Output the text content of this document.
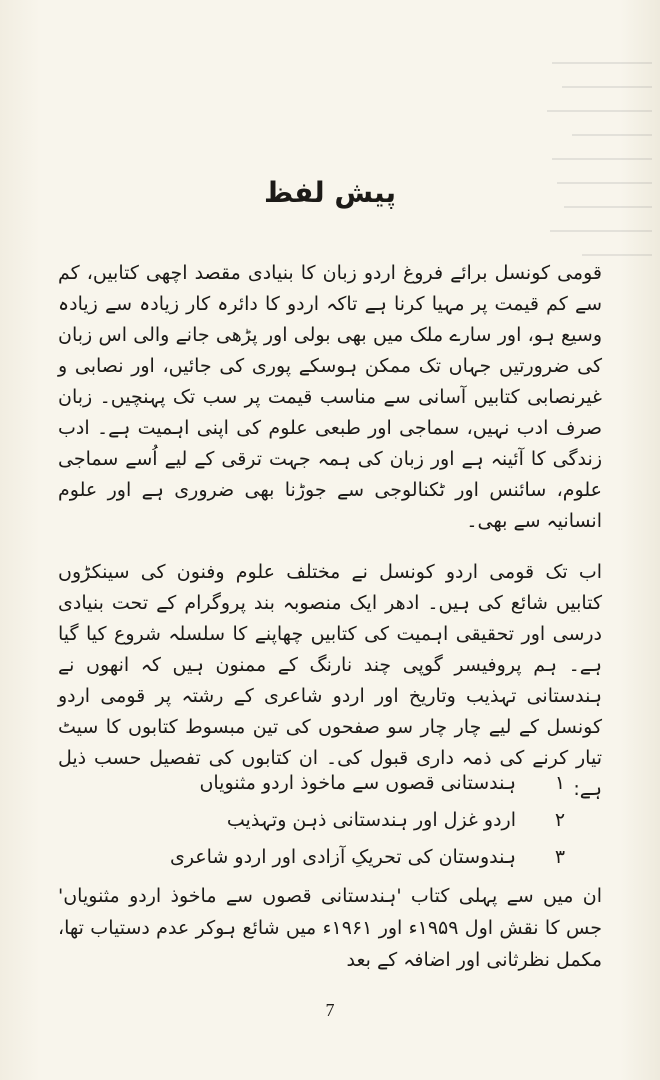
پیش لفظ

قومی کونسل برائے فروغ اردو زبان کا بنیادی مقصد اچھی کتابیں، کم سے کم قیمت پر مہیا کرنا ہے تاکہ اردو کا دائرہ کار زیادہ سے زیادہ وسیع ہو، اور سارے ملک میں بھی بولی اور پڑھی جانے والی اس زبان کی ضرورتیں جہاں تک ممکن ہوسکے پوری کی جائیں، اور نصابی و غیرنصابی کتابیں آسانی سے مناسب قیمت پر سب تک پہنچیں۔ زبان صرف ادب نہیں، سماجی اور طبعی علوم کی اپنی اہمیت ہے۔ ادب زندگی کا آئینہ ہے اور زبان کی ہمہ جہت ترقی کے لیے اُسے سماجی علوم، سائنس اور ٹکنالوجی سے جوڑنا بھی ضروری ہے اور علوم انسانیہ سے بھی۔

اب تک قومی اردو کونسل نے مختلف علوم وفنون کی سینکڑوں کتابیں شائع کی ہیں۔ ادھر ایک منصوبہ بند پروگرام کے تحت بنیادی درسی اور تحقیقی اہمیت کی کتابیں چھاپنے کا سلسلہ شروع کیا گیا ہے۔ ہم پروفیسر گوپی چند نارنگ کے ممنون ہیں کہ انھوں نے ہندستانی تہذیب وتاریخ اور اردو شاعری کے رشتہ پر قومی اردو کونسل کے لیے چار چار سو صفحوں کی تین مبسوط کتابوں کا سیٹ تیار کرنے کی ذمہ داری قبول کی۔ ان کتابوں کی تفصیل حسب ذیل ہے:

۱
ہندستانی قصوں سے ماخوذ اردو مثنویاں
۲
اردو غزل اور ہندستانی ذہن وتہذیب
۳
ہندوستان کی تحریکِ آزادی اور اردو شاعری
ان میں سے پہلی کتاب 'ہندستانی قصوں سے ماخوذ اردو مثنویاں' جس کا نقش اول ۱۹۵۹ء اور ۱۹۶۱ء میں شائع ہوکر عدم دستیاب تھا، مکمل نظرثانی اور اضافہ کے بعد
7
